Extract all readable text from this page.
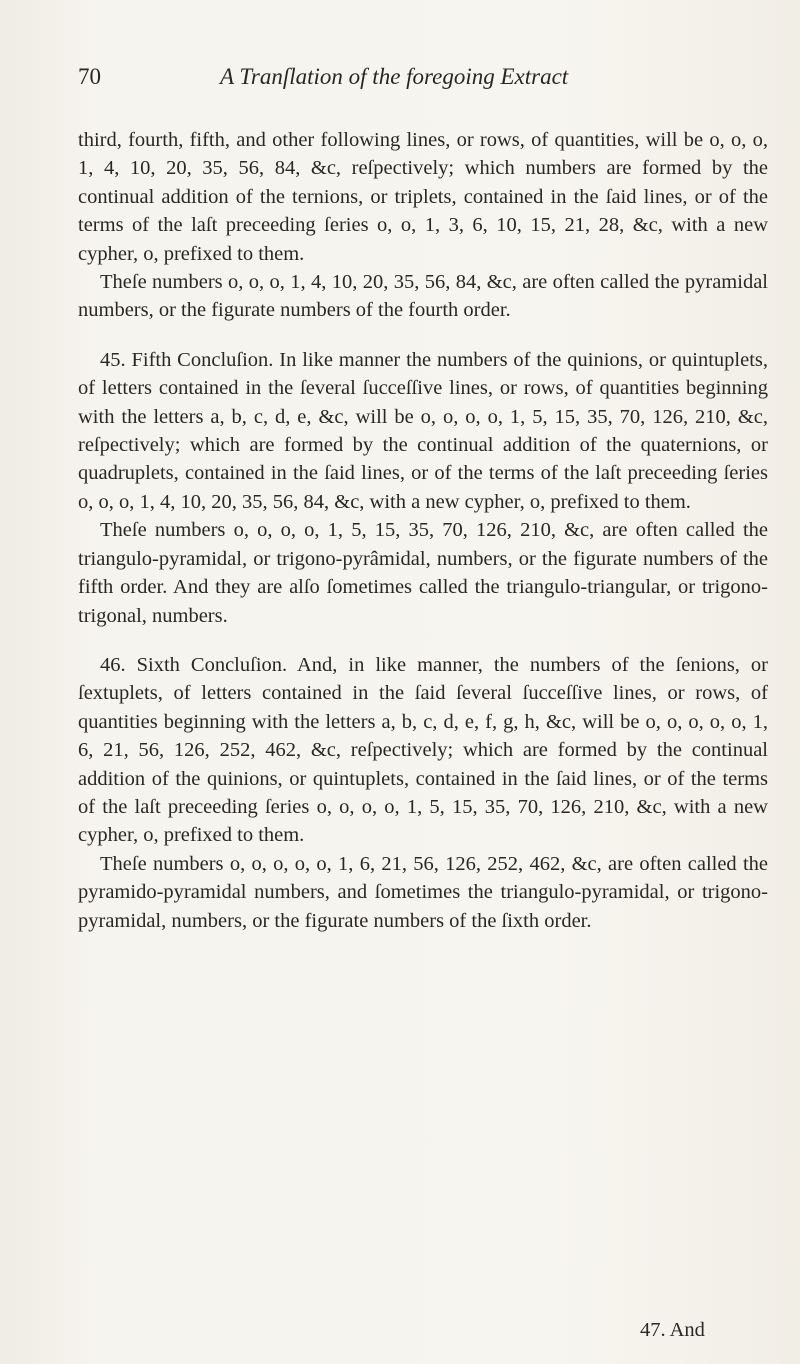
70	A Tranſlation of the foregoing Extract

third, fourth, fifth, and other following lines, or rows, of quantities, will be o, o, o, 1, 4, 10, 20, 35, 56, 84, &c, reſpectively; which numbers are formed by the continual addition of the ternions, or triplets, contained in the ſaid lines, or of the terms of the laſt preceeding ſeries o, o, 1, 3, 6, 10, 15, 21, 28, &c, with a new cypher, o, prefixed to them.

Theſe numbers o, o, o, 1, 4, 10, 20, 35, 56, 84, &c, are often called the pyramidal numbers, or the figurate numbers of the fourth order.

45. Fifth Concluſion. In like manner the numbers of the quinions, or quintuplets, of letters contained in the ſeveral ſucceſſive lines, or rows, of quantities beginning with the letters a, b, c, d, e, &c, will be o, o, o, o, 1, 5, 15, 35, 70, 126, 210, &c, reſpectively; which are formed by the continual addition of the quaternions, or quadruplets, contained in the ſaid lines, or of the terms of the laſt preceeding ſeries o, o, o, 1, 4, 10, 20, 35, 56, 84, &c, with a new cypher, o, prefixed to them.

Theſe numbers o, o, o, o, 1, 5, 15, 35, 70, 126, 210, &c, are often called the triangulo-pyramidal, or trigono-pyrâmidal, numbers, or the figurate numbers of the fifth order. And they are alſo ſometimes called the triangulo-triangular, or trigono-trigonal, numbers.

46. Sixth Concluſion. And, in like manner, the numbers of the ſenions, or ſextuplets, of letters contained in the ſaid ſeveral ſucceſſive lines, or rows, of quantities beginning with the letters a, b, c, d, e, f, g, h, &c, will be o, o, o, o, o, 1, 6, 21, 56, 126, 252, 462, &c, reſpectively; which are formed by the continual addition of the quinions, or quintuplets, contained in the ſaid lines, or of the terms of the laſt preceeding ſeries o, o, o, o, 1, 5, 15, 35, 70, 126, 210, &c, with a new cypher, o, prefixed to them.

Theſe numbers o, o, o, o, o, 1, 6, 21, 56, 126, 252, 462, &c, are often called the pyramido-pyramidal numbers, and ſometimes the triangulo-pyramidal, or trigono-pyramidal, numbers, or the figurate numbers of the ſixth order.

47. And
